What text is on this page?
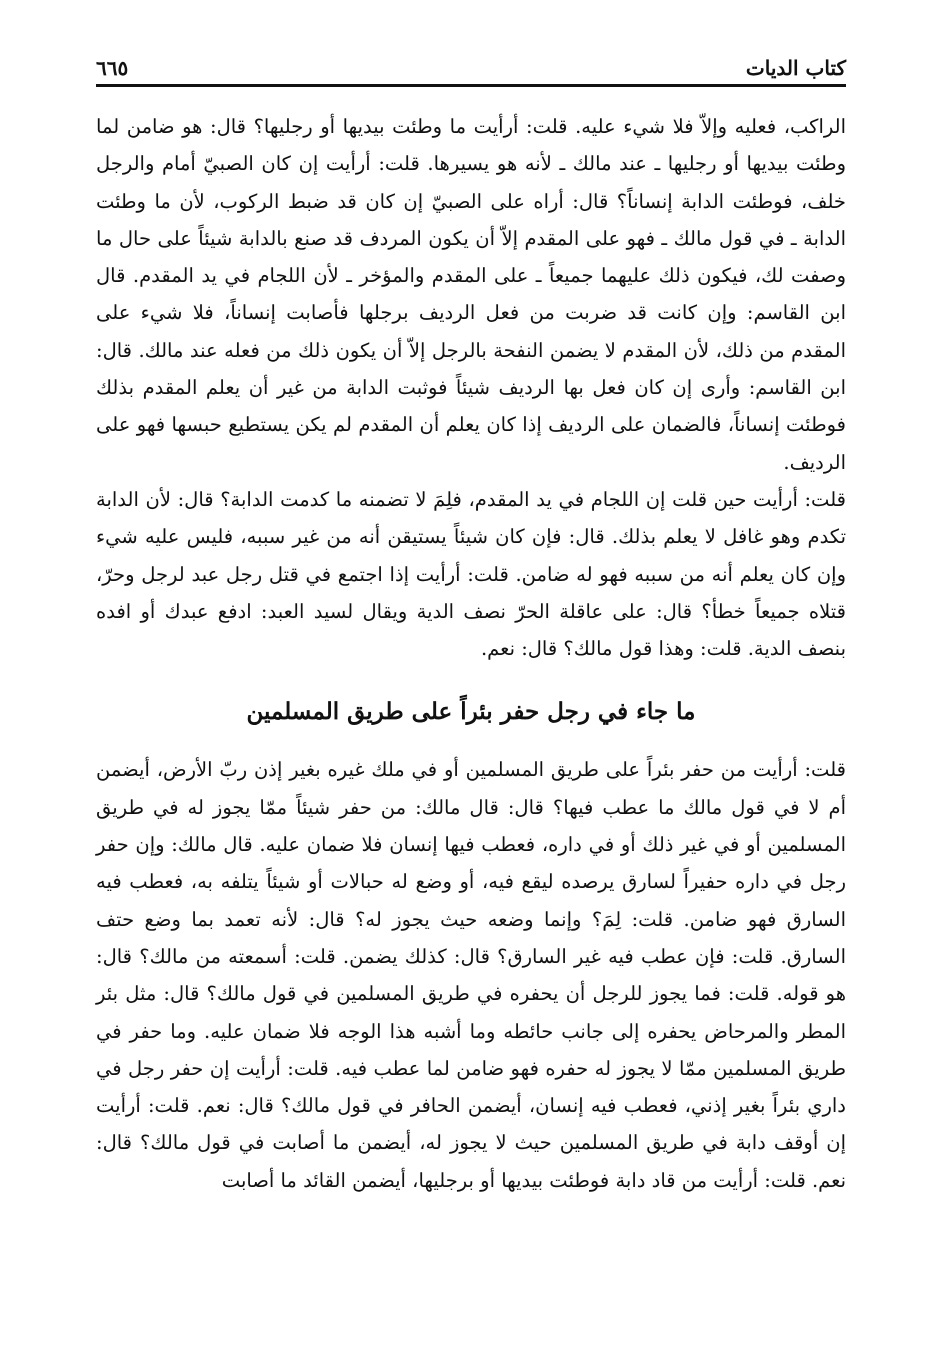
كتاب الديات
٦٦٥

الراكب، فعليه وإلاّ فلا شيء عليه. قلت: أرأيت ما وطئت بيديها أو رجليها؟ قال: هو ضامن لما وطئت بيديها أو رجليها ـ عند مالك ـ لأنه هو يسيرها. قلت: أرأيت إن كان الصبيّ أمام والرجل خلف، فوطئت الدابة إنساناً؟ قال: أراه على الصبيّ إن كان قد ضبط الركوب، لأن ما وطئت الدابة ـ في قول مالك ـ فهو على المقدم إلاّ أن يكون المردف قد صنع بالدابة شيئاً على حال ما وصفت لك، فيكون ذلك عليهما جميعاً ـ على المقدم والمؤخر ـ لأن اللجام في يد المقدم. قال ابن القاسم: وإن كانت قد ضربت من فعل الرديف برجلها فأصابت إنساناً، فلا شيء على المقدم من ذلك، لأن المقدم لا يضمن النفحة بالرجل إلاّ أن يكون ذلك من فعله عند مالك. قال: ابن القاسم: وأرى إن كان فعل بها الرديف شيئاً فوثبت الدابة من غير أن يعلم المقدم بذلك فوطئت إنساناً، فالضمان على الرديف إذا كان يعلم أن المقدم لم يكن يستطيع حبسها فهو على الرديف.

قلت: أرأيت حين قلت إن اللجام في يد المقدم، فلِمَ لا تضمنه ما كدمت الدابة؟ قال: لأن الدابة تكدم وهو غافل لا يعلم بذلك. قال: فإن كان شيئاً يستيقن أنه من غير سببه، فليس عليه شيء وإن كان يعلم أنه من سببه فهو له ضامن. قلت: أرأيت إذا اجتمع في قتل رجل عبد لرجل وحرّ، قتلاه جميعاً خطأ؟ قال: على عاقلة الحرّ نصف الدية ويقال لسيد العبد: ادفع عبدك أو افده بنصف الدية. قلت: وهذا قول مالك؟ قال: نعم.

ما جاء في رجل حفر بئراً على طريق المسلمين

قلت: أرأيت من حفر بئراً على طريق المسلمين أو في ملك غيره بغير إذن ربّ الأرض، أيضمن أم لا في قول مالك ما عطب فيها؟ قال: قال مالك: من حفر شيئاً ممّا يجوز له في طريق المسلمين أو في غير ذلك أو في داره، فعطب فيها إنسان فلا ضمان عليه. قال مالك: وإن حفر رجل في داره حفيراً لسارق يرصده ليقع فيه، أو وضع له حبالات أو شيئاً يتلفه به، فعطب فيه السارق فهو ضامن. قلت: لِمَ؟ وإنما وضعه حيث يجوز له؟ قال: لأنه تعمد بما وضع حتف السارق. قلت: فإن عطب فيه غير السارق؟ قال: كذلك يضمن. قلت: أسمعته من مالك؟ قال: هو قوله. قلت: فما يجوز للرجل أن يحفره في طريق المسلمين في قول مالك؟ قال: مثل بئر المطر والمرحاض يحفره إلى جانب حائطه وما أشبه هذا الوجه فلا ضمان عليه. وما حفر في طريق المسلمين ممّا لا يجوز له حفره فهو ضامن لما عطب فيه. قلت: أرأيت إن حفر رجل في داري بئراً بغير إذني، فعطب فيه إنسان، أيضمن الحافر في قول مالك؟ قال: نعم. قلت: أرأيت إن أوقف دابة في طريق المسلمين حيث لا يجوز له، أيضمن ما أصابت في قول مالك؟ قال: نعم. قلت: أرأيت من قاد دابة فوطئت بيديها أو برجليها، أيضمن القائد ما أصابت
